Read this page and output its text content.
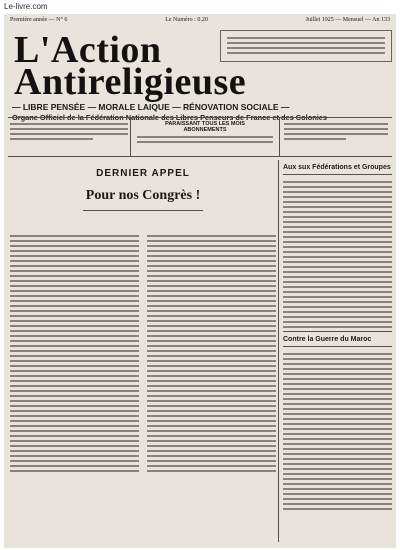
Le-livre.com
Première année — N° 6	Le Numéro : 0.20	Juillet 1925 — Mensuel — An 133
L'Action
Antireligieuse
— LIBRE PENSÉE — MORALE LAIQUE — RÉNOVATION SOCIALE —
Organe Officiel de la Fédération Nationale des Libres Penseurs de France et des Colonies
PARAISSANT TOUS LES MOIS
ABONNEMENTS
DERNIER APPEL
Pour nos Congrès !
Aux sux Fédérations et Groupes
Contre la Guerre du Maroc
